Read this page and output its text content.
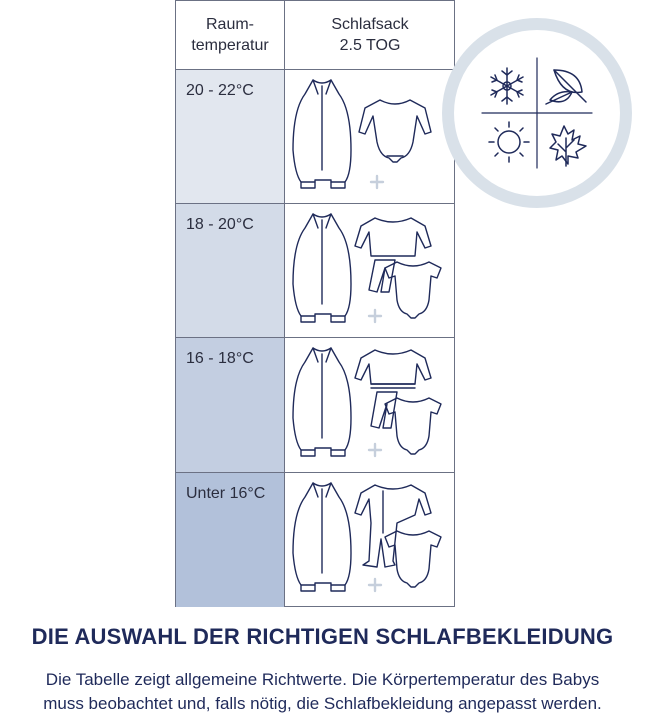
Raum-
temperatur
Schlafsack
2.5 TOG
20 - 22°C
18 - 20°C
16 - 18°C
Unter 16°C
DIE AUSWAHL DER RICHTIGEN SCHLAFBEKLEIDUNG
Die Tabelle zeigt allgemeine Richtwerte. Die Körpertemperatur des Babys
muss beobachtet und, falls nötig, die Schlafbekleidung angepasst werden.
